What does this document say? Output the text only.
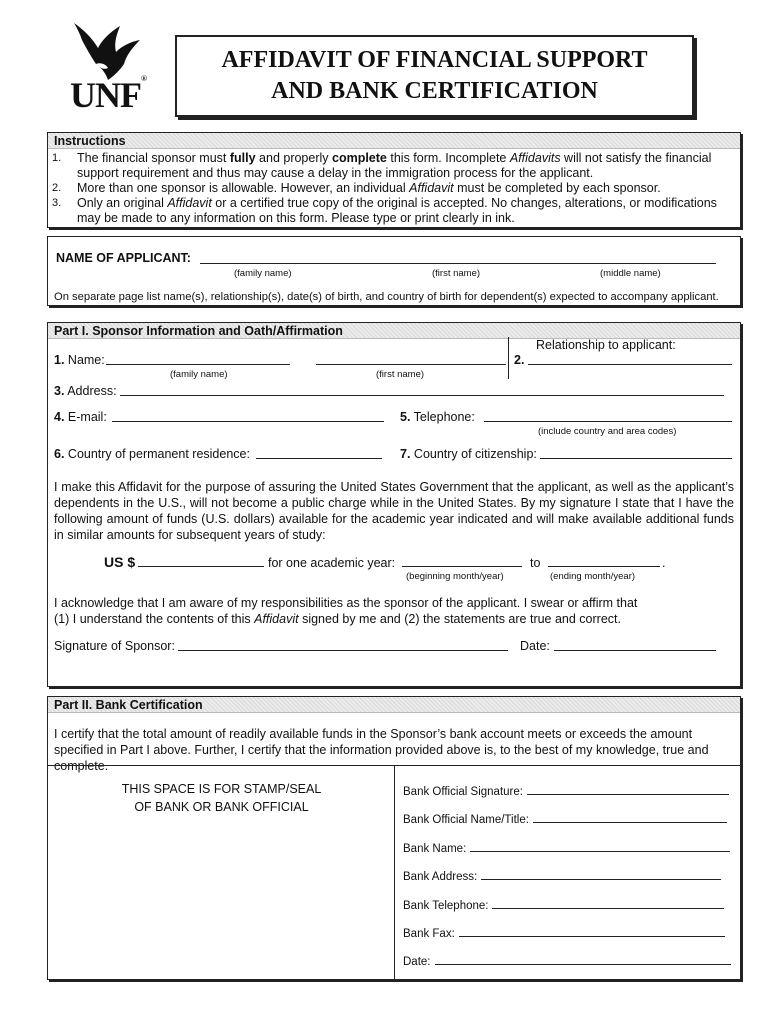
UNF®
AFFIDAVIT OF FINANCIAL SUPPORT
AND BANK CERTIFICATION
Instructions
1.	The financial sponsor must fully and properly complete this form. Incomplete Affidavits will not satisfy the financial support requirement and thus may cause a delay in the immigration process for the applicant.
2.	More than one sponsor is allowable. However, an individual Affidavit must be completed by each sponsor.
3.	Only an original Affidavit or a certified true copy of the original is accepted. No changes, alterations, or modifications may be made to any information on this form. Please type or print clearly in ink.
NAME OF APPLICANT:
(family name)	(first name)	(middle name)
On separate page list name(s), relationship(s), date(s) of birth, and country of birth for dependent(s) expected to accompany applicant.
Part I. Sponsor Information and Oath/Affirmation
1. Name:
(family name)	(first name)
Relationship to applicant:
2.
3. Address:
4. E-mail:	5. Telephone:
(include country and area codes)
6. Country of permanent residence:	7. Country of citizenship:
I make this Affidavit for the purpose of assuring the United States Government that the applicant, as well as the applicant’s dependents in the U.S., will not become a public charge while in the United States. By my signature I state that I have the following amount of funds (U.S. dollars) available for the academic year indicated and will make available additional funds in similar amounts for subsequent years of study:
US $	for one academic year:	to	.
(beginning month/year)	(ending month/year)
I acknowledge that I am aware of my responsibilities as the sponsor of the applicant. I swear or affirm that
(1) I understand the contents of this Affidavit signed by me and (2) the statements are true and correct.
Signature of Sponsor:	Date:
Part II. Bank Certification
I certify that the total amount of readily available funds in the Sponsor’s bank account meets or exceeds the amount specified in Part I above. Further, I certify that the information provided above is, to the best of my knowledge, true and complete.
THIS SPACE IS FOR STAMP/SEAL
OF BANK OR BANK OFFICIAL
Bank Official Signature:
Bank Official Name/Title:
Bank Name:
Bank Address:
Bank Telephone:
Bank Fax:
Date:
